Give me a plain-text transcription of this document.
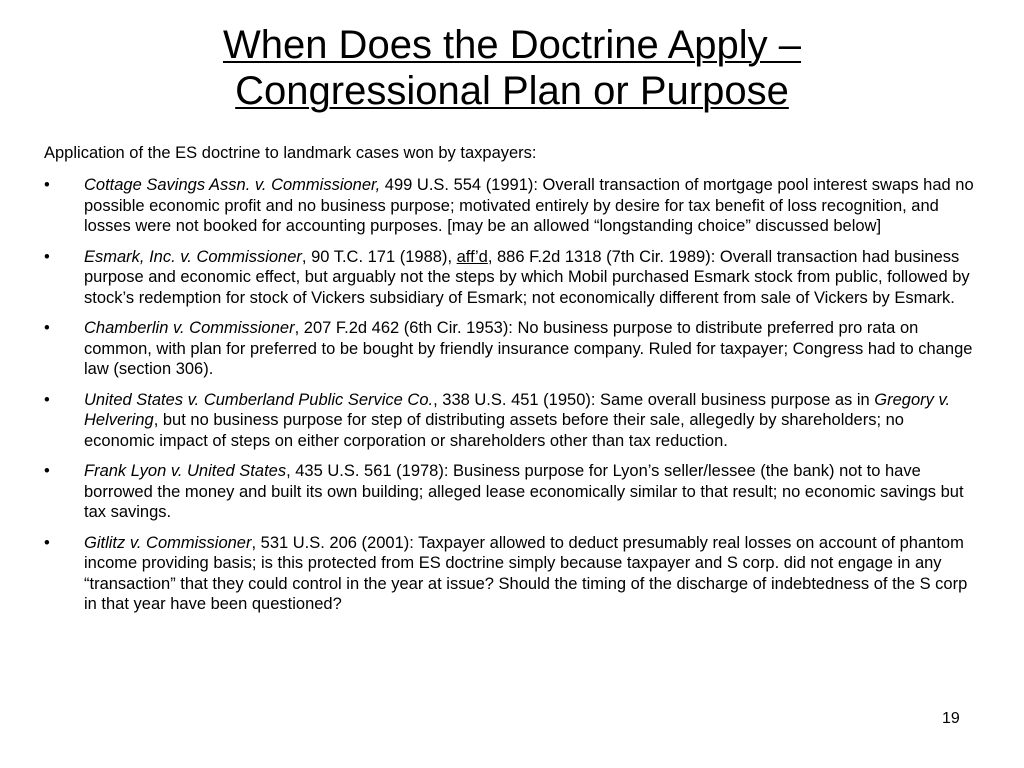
When Does the Doctrine Apply –
Congressional Plan or Purpose

Application of the ES doctrine to landmark cases won by taxpayers:

• Cottage Savings Assn. v. Commissioner, 499 U.S. 554 (1991): Overall transaction of mortgage pool interest swaps had no possible economic profit and no business purpose; motivated entirely by desire for tax benefit of loss recognition, and losses were not booked for accounting purposes. [may be an allowed “longstanding choice” discussed below]
• Esmark, Inc. v. Commissioner, 90 T.C. 171 (1988), aff’d, 886 F.2d 1318 (7th Cir. 1989): Overall transaction had business purpose and economic effect, but arguably not the steps by which Mobil purchased Esmark stock from public, followed by stock’s redemption for stock of Vickers subsidiary of Esmark; not economically different from sale of Vickers by Esmark.
• Chamberlin v. Commissioner, 207 F.2d 462 (6th Cir. 1953): No business purpose to distribute preferred pro rata on common, with plan for preferred to be bought by friendly insurance company. Ruled for taxpayer; Congress had to change law (section 306).
• United States v. Cumberland Public Service Co., 338 U.S. 451 (1950): Same overall business purpose as in Gregory v. Helvering, but no business purpose for step of distributing assets before their sale, allegedly by shareholders; no economic impact of steps on either corporation or shareholders other than tax reduction.
• Frank Lyon v. United States, 435 U.S. 561 (1978): Business purpose for Lyon’s seller/lessee (the bank) not to have borrowed the money and built its own building; alleged lease economically similar to that result; no economic savings but tax savings.
• Gitlitz v. Commissioner, 531 U.S. 206 (2001): Taxpayer allowed to deduct presumably real losses on account of phantom income providing basis; is this protected from ES doctrine simply because taxpayer and S corp. did not engage in any “transaction” that they could control in the year at issue? Should the timing of the discharge of indebtedness of the S corp in that year have been questioned?
19
